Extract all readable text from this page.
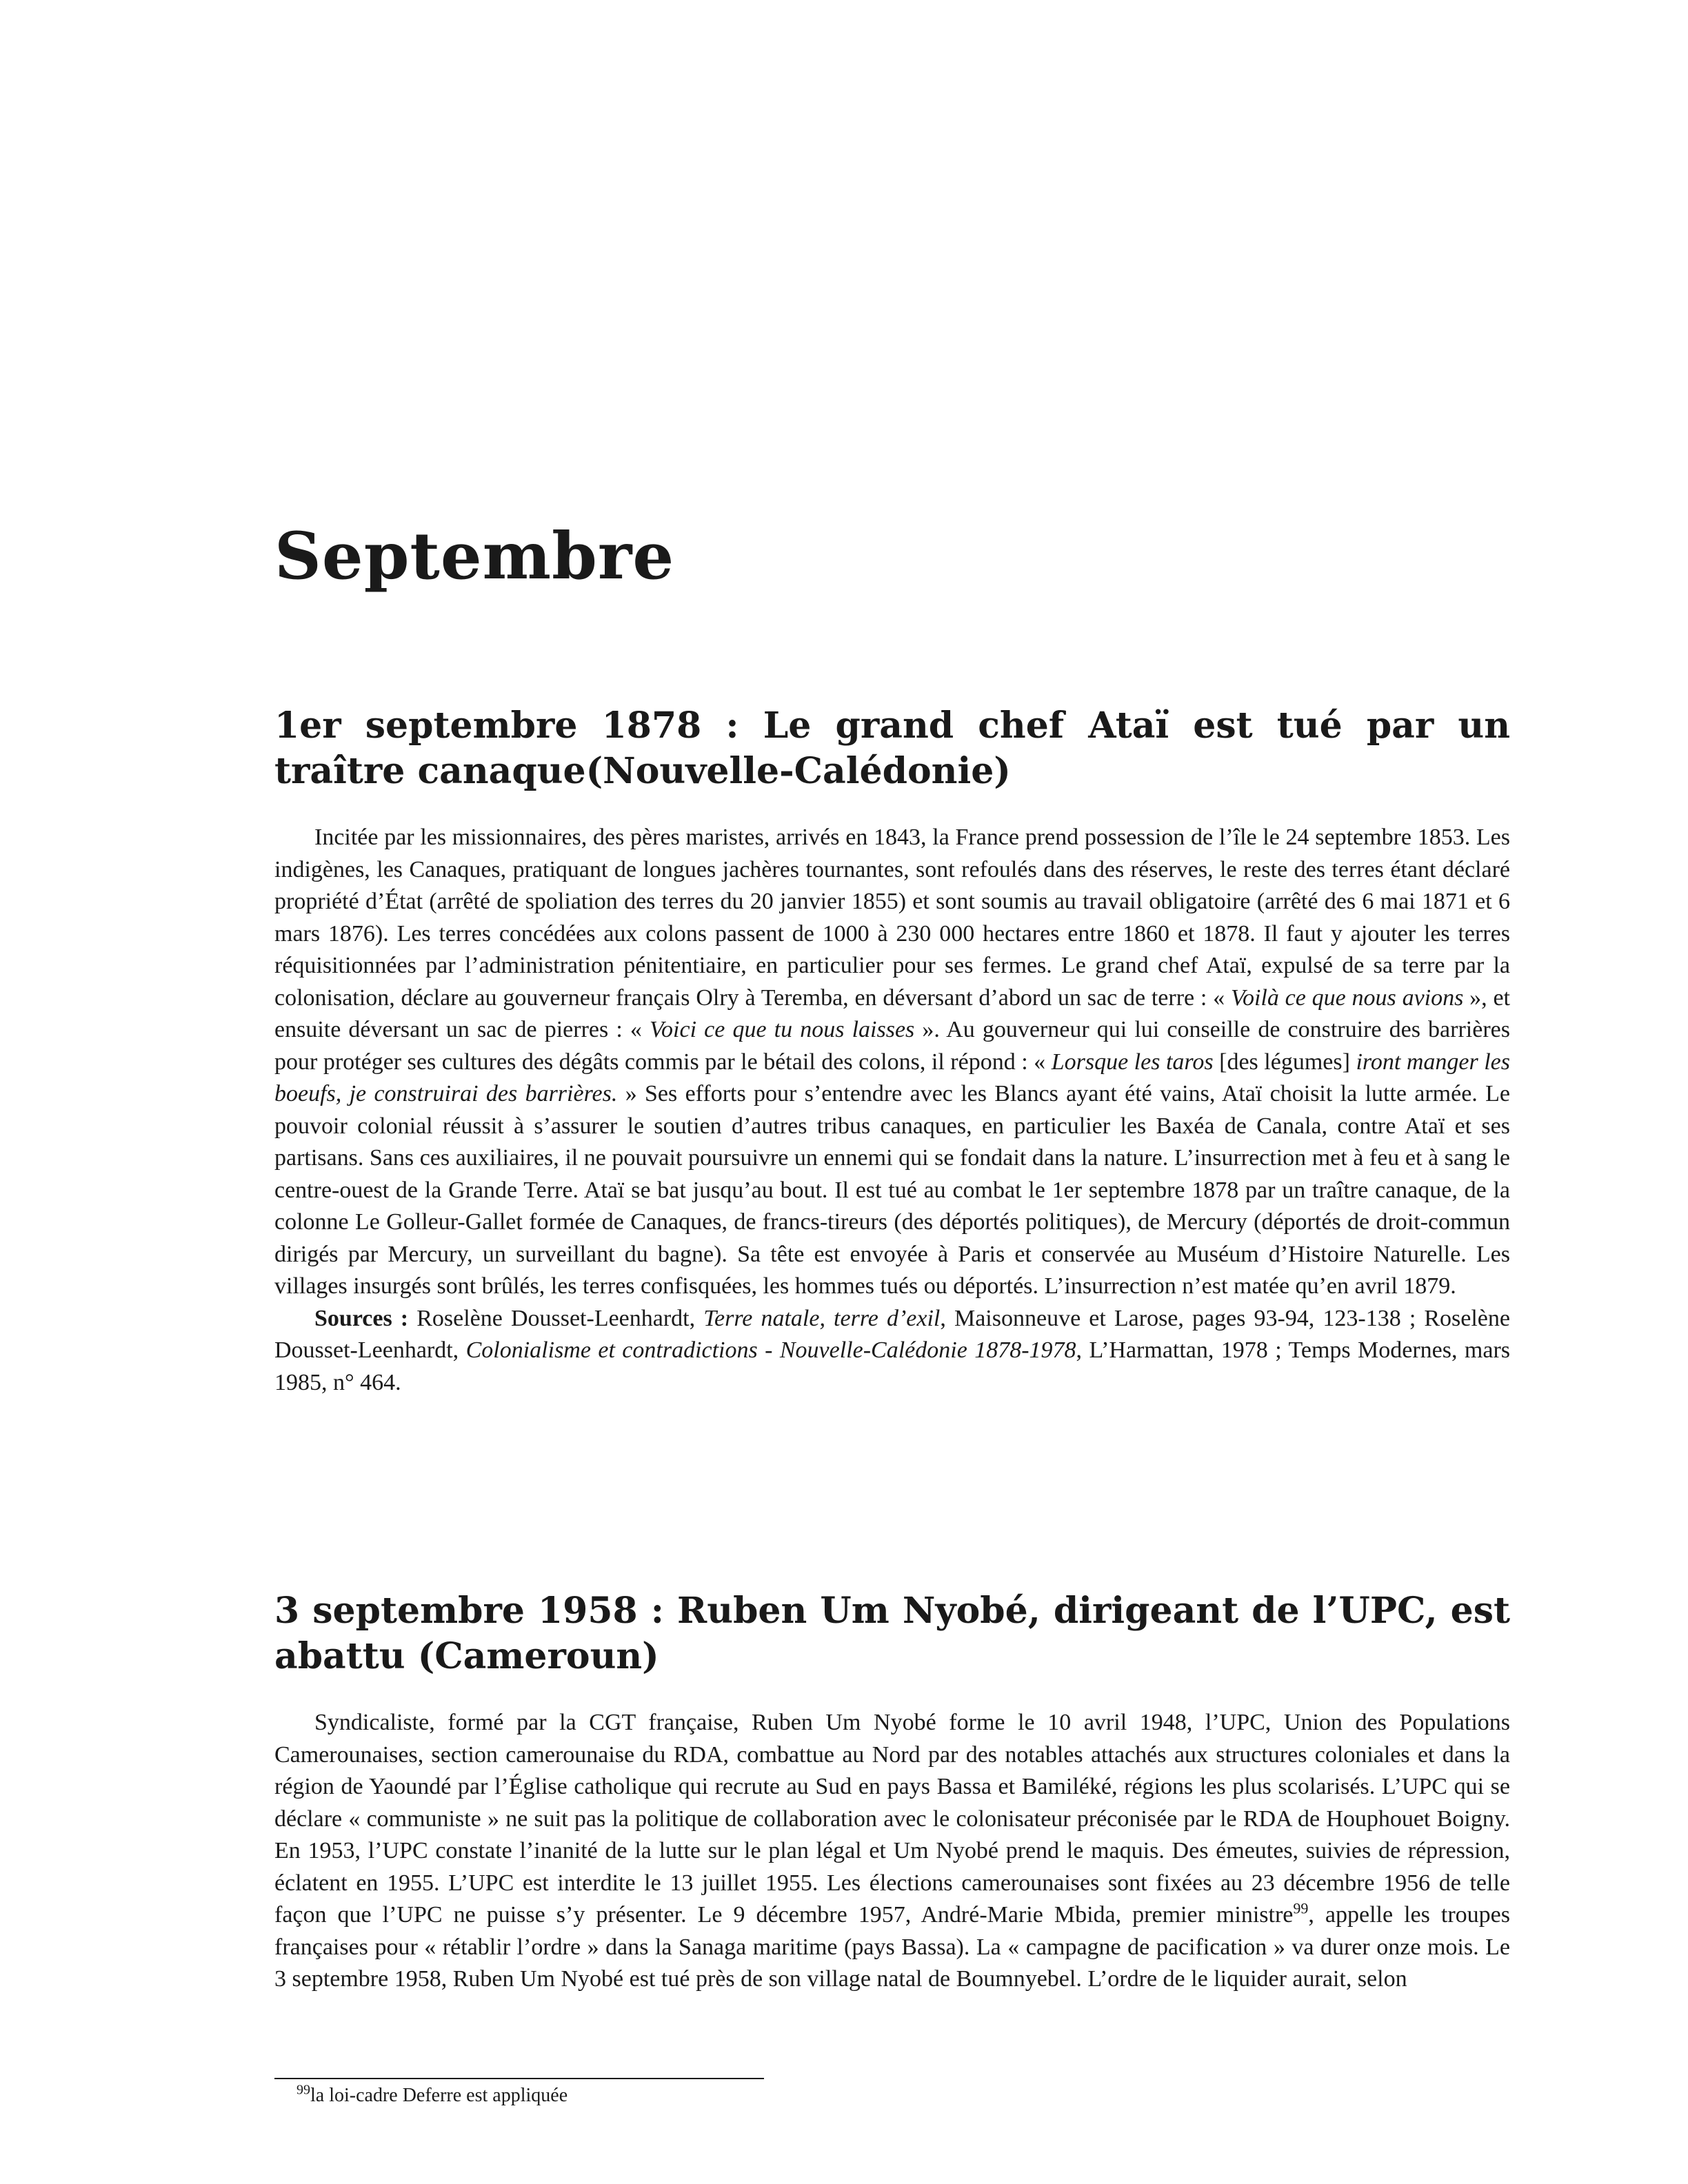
Septembre
1er septembre 1878 : Le grand chef Ataï est tué par un traître canaque(Nouvelle-Calédonie)

Incitée par les missionnaires, des pères maristes, arrivés en 1843, la France prend possession de l’île le 24 septembre 1853. Les indigènes, les Canaques, pratiquant de longues jachères tournantes, sont refoulés dans des réserves, le reste des terres étant déclaré propriété d’État (arrêté de spoliation des terres du 20 janvier 1855) et sont soumis au travail obligatoire (arrêté des 6 mai 1871 et 6 mars 1876). Les terres concédées aux colons passent de 1000 à 230 000 hectares entre 1860 et 1878. Il faut y ajouter les terres réquisitionnées par l’administration pénitentiaire, en particulier pour ses fermes. Le grand chef Ataï, expulsé de sa terre par la colonisation, déclare au gouverneur français Olry à Teremba, en déversant d’abord un sac de terre : « Voilà ce que nous avions », et ensuite déversant un sac de pierres : « Voici ce que tu nous laisses ». Au gouverneur qui lui conseille de construire des barrières pour protéger ses cultures des dégâts commis par le bétail des colons, il répond : « Lorsque les taros [des légumes] iront manger les boeufs, je construirai des barrières. » Ses efforts pour s’entendre avec les Blancs ayant été vains, Ataï choisit la lutte armée. Le pouvoir colonial réussit à s’assurer le soutien d’autres tribus canaques, en particulier les Baxéa de Canala, contre Ataï et ses partisans. Sans ces auxiliaires, il ne pouvait poursuivre un ennemi qui se fondait dans la nature. L’insurrection met à feu et à sang le centre-ouest de la Grande Terre. Ataï se bat jusqu’au bout. Il est tué au combat le 1er septembre 1878 par un traître canaque, de la colonne Le Golleur-Gallet formée de Canaques, de francs-tireurs (des déportés politiques), de Mercury (déportés de droit-commun dirigés par Mercury, un surveillant du bagne). Sa tête est envoyée à Paris et conservée au Muséum d’Histoire Naturelle. Les villages insurgés sont brûlés, les terres confisquées, les hommes tués ou déportés. L’insurrection n’est matée qu’en avril 1879.

Sources : Roselène Dousset-Leenhardt, Terre natale, terre d’exil, Maisonneuve et Larose, pages 93-94, 123-138 ; Roselène Dousset-Leenhardt, Colonialisme et contradictions - Nouvelle-Calédonie 1878-1978, L’Harmattan, 1978 ; Temps Modernes, mars 1985, n° 464.

3 septembre 1958 : Ruben Um Nyobé, dirigeant de l’UPC, est abattu (Cameroun)

Syndicaliste, formé par la CGT française, Ruben Um Nyobé forme le 10 avril 1948, l’UPC, Union des Populations Camerounaises, section camerounaise du RDA, combattue au Nord par des notables attachés aux structures coloniales et dans la région de Yaoundé par l’Église catholique qui recrute au Sud en pays Bassa et Bamiléké, régions les plus scolarisés. L’UPC qui se déclare « communiste » ne suit pas la politique de collaboration avec le colonisateur préconisée par le RDA de Houphouet Boigny. En 1953, l’UPC constate l’inanité de la lutte sur le plan légal et Um Nyobé prend le maquis. Des émeutes, suivies de répression, éclatent en 1955. L’UPC est interdite le 13 juillet 1955. Les élections camerounaises sont fixées au 23 décembre 1956 de telle façon que l’UPC ne puisse s’y présenter. Le 9 décembre 1957, André-Marie Mbida, premier ministre$^{99}$, appelle les troupes françaises pour « rétablir l’ordre » dans la Sanaga maritime (pays Bassa). La « campagne de pacification » va durer onze mois. Le 3 septembre 1958, Ruben Um Nyobé est tué près de son village natal de Boumnyebel. L’ordre de le liquider aurait, selon

$^{99}$la loi-cadre Deferre est appliquée
